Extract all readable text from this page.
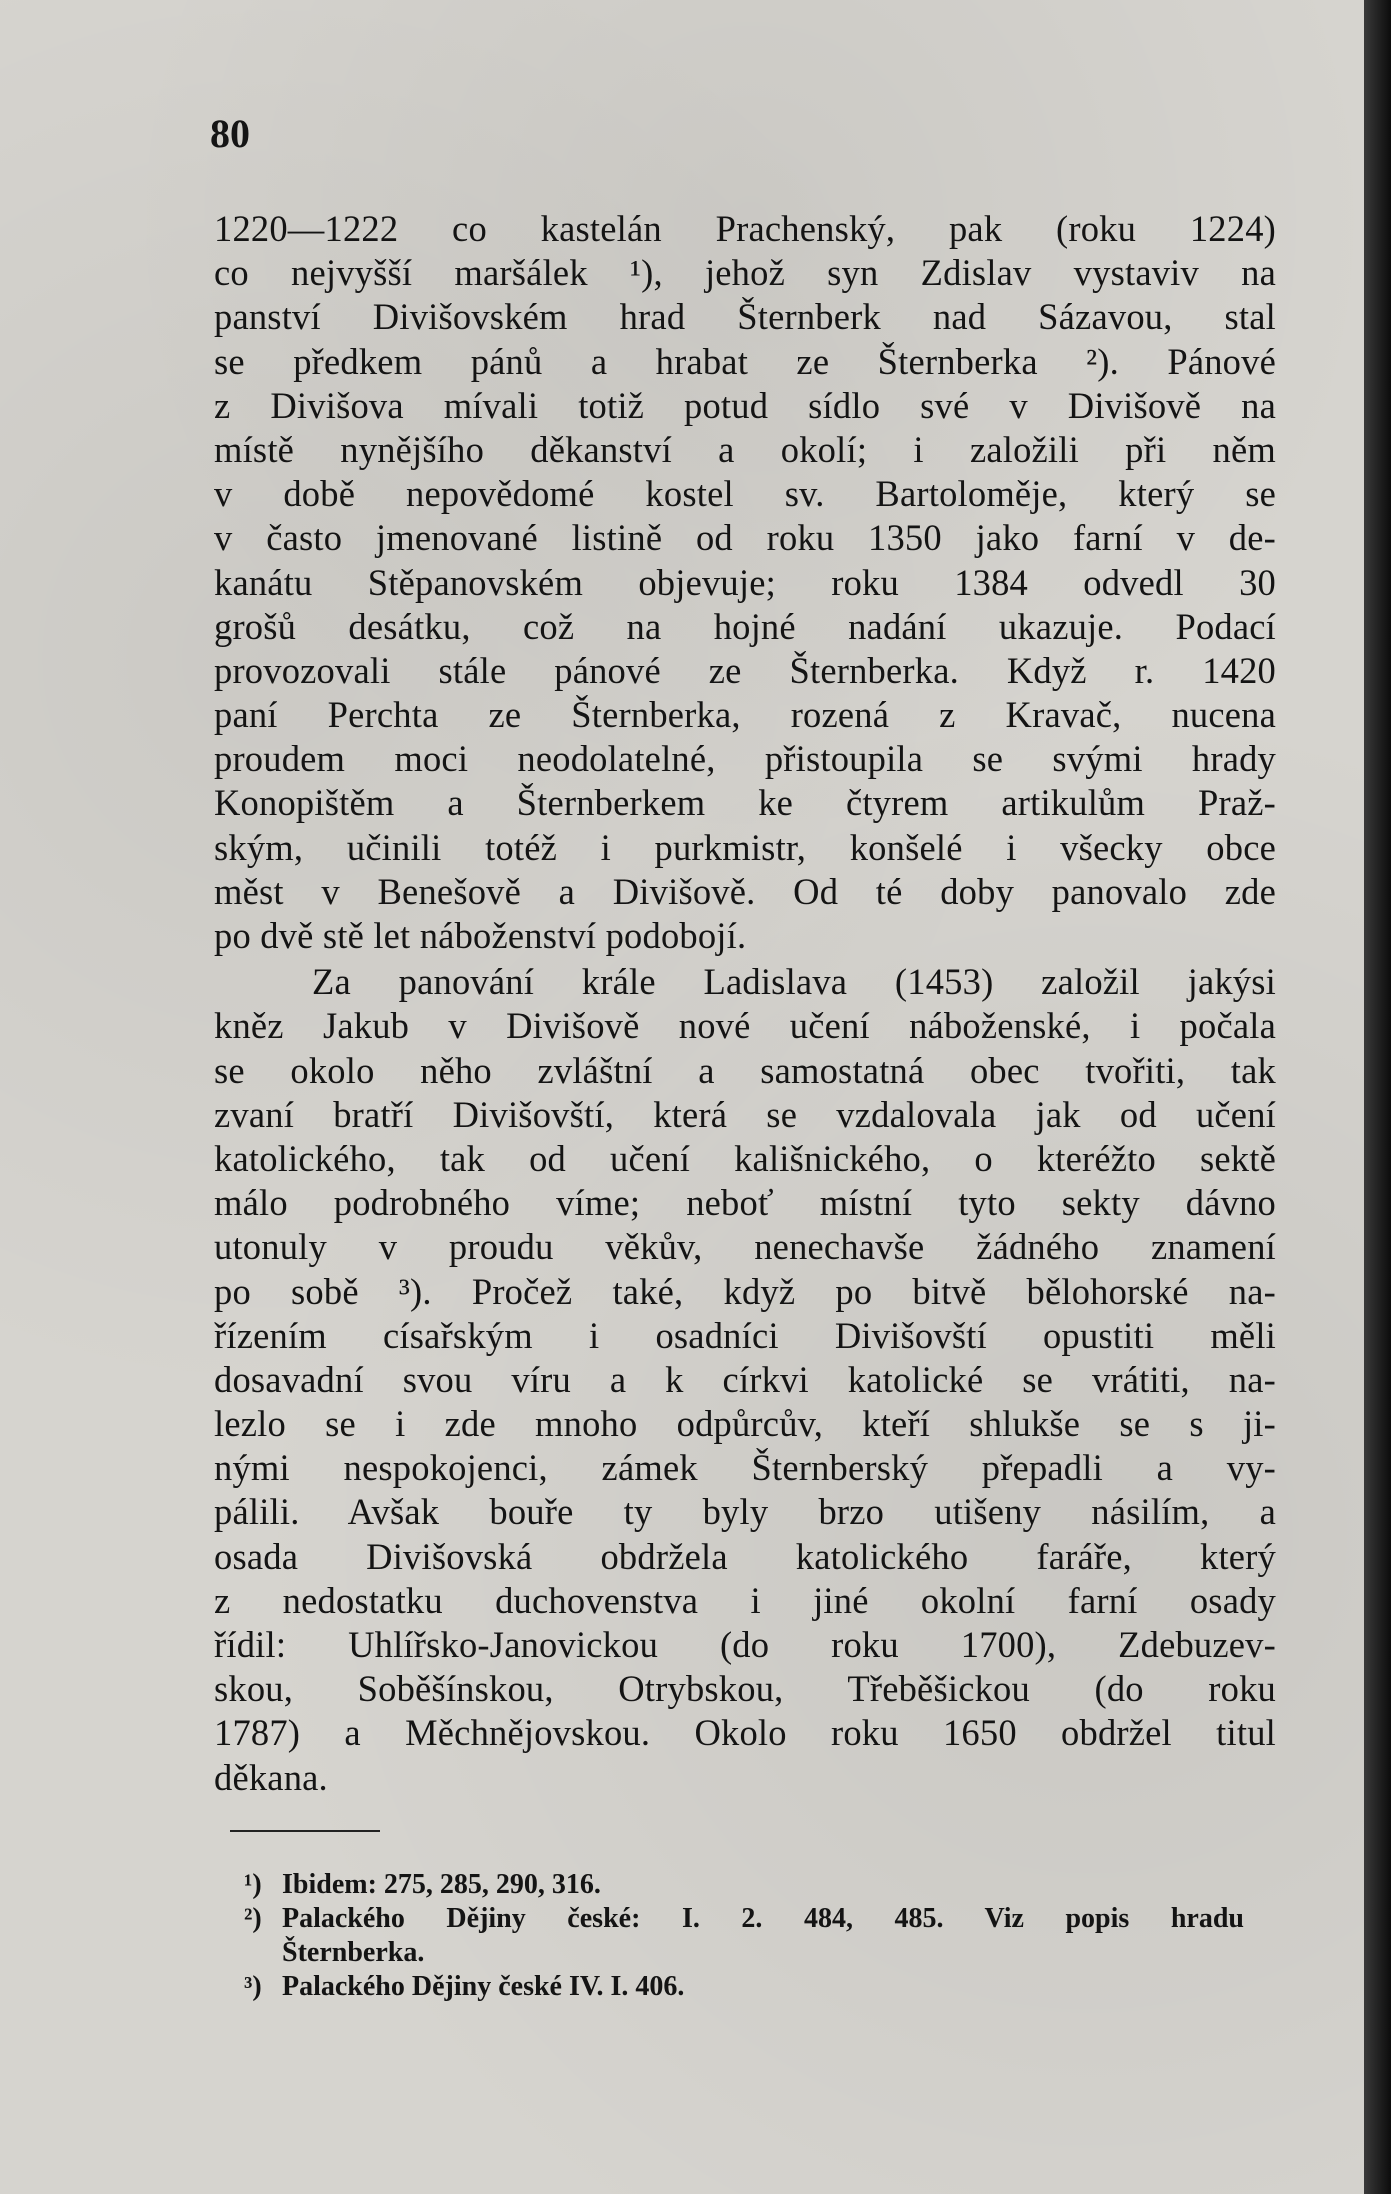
80
1220—1222 co kastelán Prachenský, pak (roku 1224)
co nejvyšší maršálek ¹), jehož syn Zdislav vystaviv na
panství Divišovském hrad Šternberk nad Sázavou, stal
se předkem pánů a hrabat ze Šternberka ²). Pánové
z Divišova mívali totiž potud sídlo své v Divišově na
místě nynějšího děkanství a okolí; i založili při něm
v době nepovědomé kostel sv. Bartoloměje, který se
v často jmenované listině od roku 1350 jako farní v de-
kanátu Stěpanovském objevuje; roku 1384 odvedl 30
grošů desátku, což na hojné nadání ukazuje. Podací
provozovali stále pánové ze Šternberka. Když r. 1420
paní Perchta ze Šternberka, rozená z Kravač, nucena
proudem moci neodolatelné, přistoupila se svými hrady
Konopištěm a Šternberkem ke čtyrem artikulům Praž-
ským, učinili totéž i purkmistr, konšelé i všecky obce
měst v Benešově a Divišově. Od té doby panovalo zde
po dvě stě let náboženství podobojí.
Za panování krále Ladislava (1453) založil jakýsi
kněz Jakub v Divišově nové učení náboženské, i počala
se okolo něho zvláštní a samostatná obec tvořiti, tak
zvaní bratří Divišovští, která se vzdalovala jak od učení
katolického, tak od učení kališnického, o kteréžto sektě
málo podrobného víme; neboť místní tyto sekty dávno
utonuly v proudu věkův, nenechavše žádného znamení
po sobě ³). Pročež také, když po bitvě bělohorské na-
řízením císařským i osadníci Divišovští opustiti měli
dosavadní svou víru a k církvi katolické se vrátiti, na-
lezlo se i zde mnoho odpůrcův, kteří shlukše se s ji-
nými nespokojenci, zámek Šternberský přepadli a vy-
pálili. Avšak bouře ty byly brzo utišeny násilím, a
osada Divišovská obdržela katolického faráře, který
z nedostatku duchovenstva i jiné okolní farní osady
řídil: Uhlířsko-Janovickou (do roku 1700), Zdebuzev-
skou, Soběšínskou, Otrybskou, Třeběšickou (do roku
1787) a Měchnějovskou. Okolo roku 1650 obdržel titul
děkana.
¹) Ibidem: 275, 285, 290, 316.
²) Palackého Dějiny české: I. 2. 484, 485. Viz popis hradu
Šternberka.
³) Palackého Dějiny české IV. I. 406.
